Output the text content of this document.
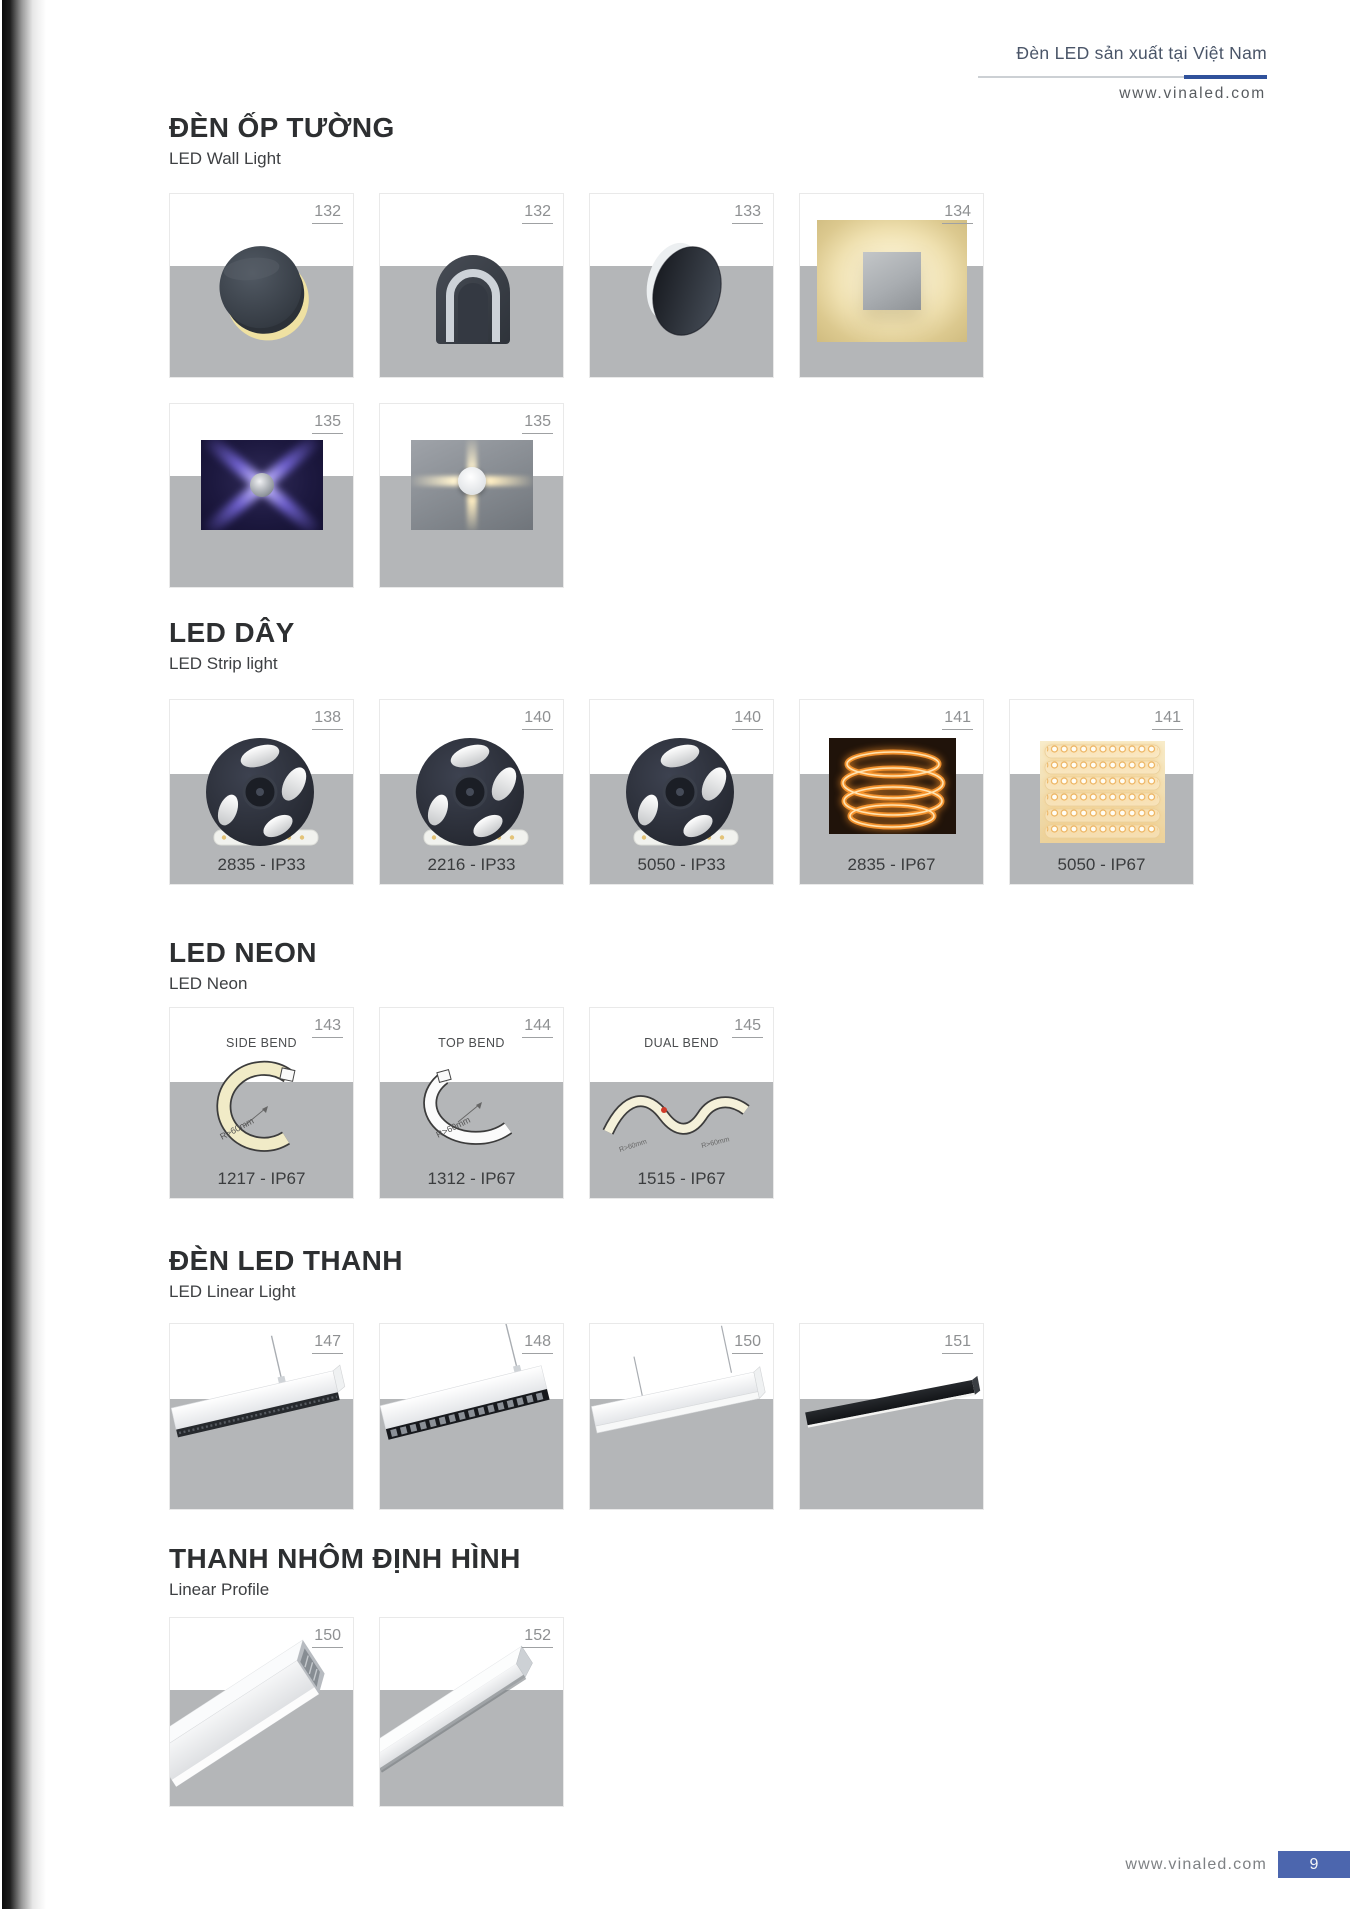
Đèn LED sản xuất tại Việt Nam
www.vinaled.com
ĐÈN ỐP TƯỜNG
LED Wall Light
132	132	133	134
135	135
LED DÂY
LED Strip light
138
2835 - IP33
140
2216 - IP33
140
5050 - IP33
141
2835 - IP67
141
5050 - IP67
LED NEON
LED Neon
SIDE BEND
R>60mm
143
1217 - IP67
TOP BEND
R>60mm
144
1312 - IP67
DUAL BEND
R>60mm	R>60mm
145
1515 - IP67
ĐÈN LED THANH
LED Linear Light
147	148	150	151
THANH NHÔM ĐỊNH HÌNH
Linear Profile
150	152
www.vinaled.com	9
